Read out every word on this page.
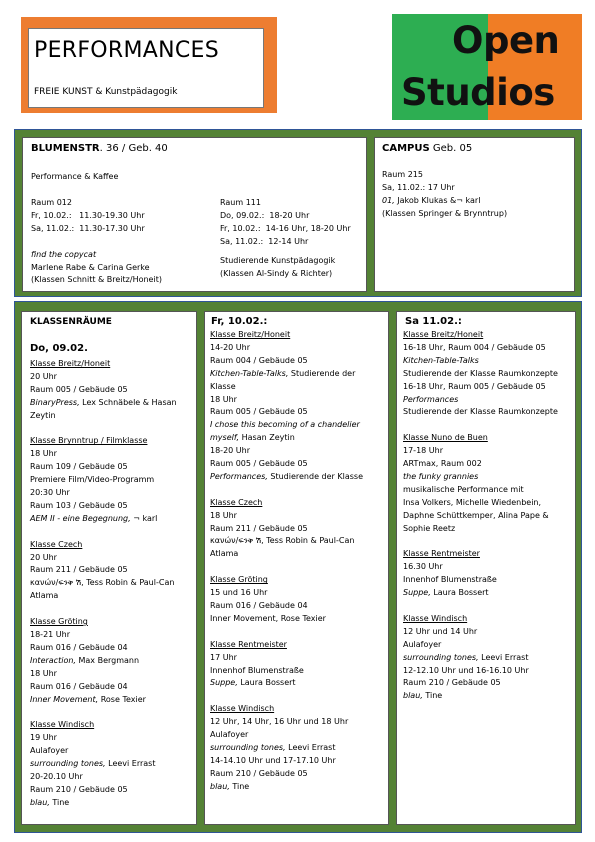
PERFORMANCES
FREIE KUNST & Kunstpädagogik
Open
Studios
BLUMENSTR. 36 / Geb. 40
Performance & Kaffee
Raum 012
Fr, 10.02.:   11.30-19.30 Uhr
Sa, 11.02.:  11.30-17.30 Uhr
find the copycat
Marlene Rabe & Carina Gerke
(Klassen Schnitt & Breitz/Honeit)
Raum 111
Do, 09.02.:  18-20 Uhr
Fr, 10.02.:  14-16 Uhr, 18-20 Uhr
Sa, 11.02.:  12-14 Uhr
Studierende Kunstpädagogik
(Klassen Al-Sindy & Richter)
CAMPUS Geb. 05
Raum 215
Sa, 11.02.: 17 Uhr
01, Jakob Klukas &¬ karl
(Klassen Springer & Brynntrup)
KLASSENRÄUME
Do, 09.02.
Fr, 10.02.:	Sa 11.02.:
Klasse Breitz/Honeit
20 Uhr
Raum 005 / Gebäude 05
BinaryPress, Lex Schnäbele & Hasan
Zeytin
Klasse Brynntrup / Filmklasse
18 Uhr
Raum 109 / Gebäude 05
Premiere Film/Video-Programm
20:30 Uhr
Raum 103 / Gebäude 05
AEM II - eine Begegnung, ¬ karl
Klasse Czech
20 Uhr
Raum 211 / Gebäude 05
κανών/ፍንቅ ሽ, Tess Robin & Paul-Can
Atlama
Klasse Gröting
18-21 Uhr
Raum 016 / Gebäude 04
Interaction, Max Bergmann
18 Uhr
Raum 016 / Gebäude 04
Inner Movement, Rose Texier
Klasse Windisch
19 Uhr
Aulafoyer
surrounding tones, Leevi Errast
20-20.10 Uhr
Raum 210 / Gebäude 05
blau, Tine
Klasse Breitz/Honeit
14-20 Uhr
Raum 004 / Gebäude 05
Kitchen-Table-Talks, Studierende der
Klasse
18 Uhr
Raum 005 / Gebäude 05
I chose this becoming of a chandelier
myself, Hasan Zeytin
18-20 Uhr
Raum 005 / Gebäude 05
Performances, Studierende der Klasse
Klasse Czech
18 Uhr
Raum 211 / Gebäude 05
κανών/ፍንቅ ሽ, Tess Robin & Paul-Can
Atlama
Klasse Gröting
15 und 16 Uhr
Raum 016 / Gebäude 04
Inner Movement, Rose Texier
Klasse Rentmeister
17 Uhr
Innenhof Blumenstraße
Suppe, Laura Bossert
Klasse Windisch
12 Uhr, 14 Uhr, 16 Uhr und 18 Uhr
Aulafoyer
surrounding tones, Leevi Errast
14-14.10 Uhr und 17-17.10 Uhr
Raum 210 / Gebäude 05
blau, Tine
Klasse Breitz/Honeit
16-18 Uhr, Raum 004 / Gebäude 05
Kitchen-Table-Talks
Studierende der Klasse Raumkonzepte
16-18 Uhr, Raum 005 / Gebäude 05
Performances
Studierende der Klasse Raumkonzepte
Klasse Nuno de Buen
17-18 Uhr
ARTmax, Raum 002
the funky grannies
musikalische Performance mit
Insa Volkers, Michelle Wiedenbein,
Daphne Schüttkemper, Alina Pape &
Sophie Reetz
Klasse Rentmeister
16.30 Uhr
Innenhof Blumenstraße
Suppe, Laura Bossert
Klasse Windisch
12 Uhr und 14 Uhr
Aulafoyer
surrounding tones, Leevi Errast
12-12.10 Uhr und 16-16.10 Uhr
Raum 210 / Gebäude 05
blau, Tine
